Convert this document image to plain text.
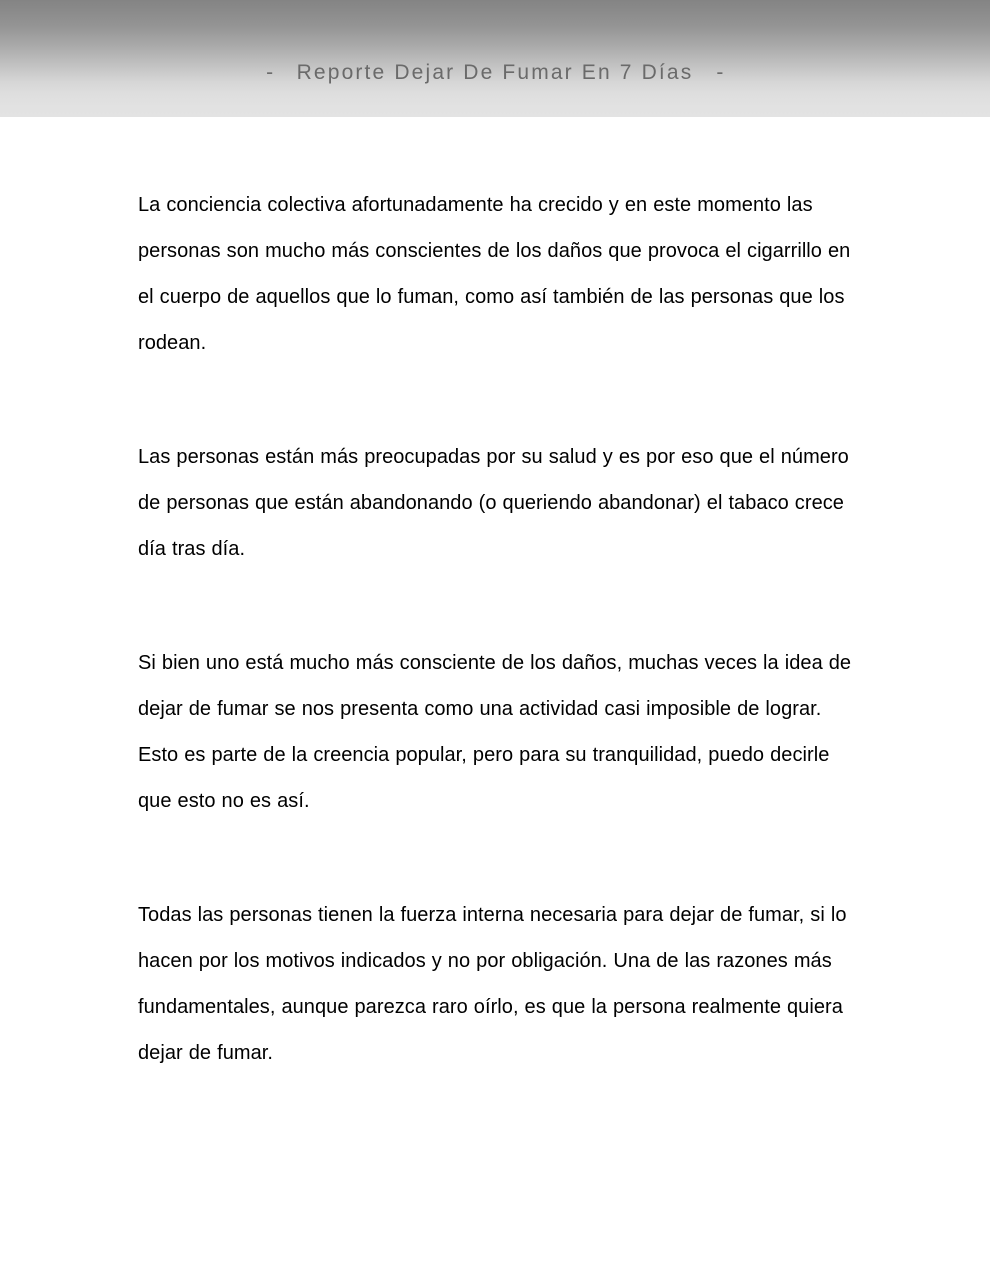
- Reporte Dejar De Fumar En 7 Días -

La conciencia colectiva afortunadamente ha crecido y en este momento las personas son mucho más conscientes de los daños que provoca el cigarrillo en el cuerpo de aquellos que lo fuman, como así también de las personas que los rodean.

Las personas están más preocupadas por su salud y es por eso que el número de personas que están abandonando (o queriendo abandonar) el tabaco crece día tras día.

Si bien uno está mucho más consciente de los daños, muchas veces la idea de dejar de fumar se nos presenta como una actividad casi imposible de lograr. Esto es parte de la creencia popular, pero para su tranquilidad, puedo decirle que esto no es así.

Todas las personas tienen la fuerza interna necesaria para dejar de fumar, si lo hacen por los motivos indicados y no por obligación. Una de las razones más fundamentales, aunque parezca raro oírlo, es que la persona realmente quiera dejar de fumar.
